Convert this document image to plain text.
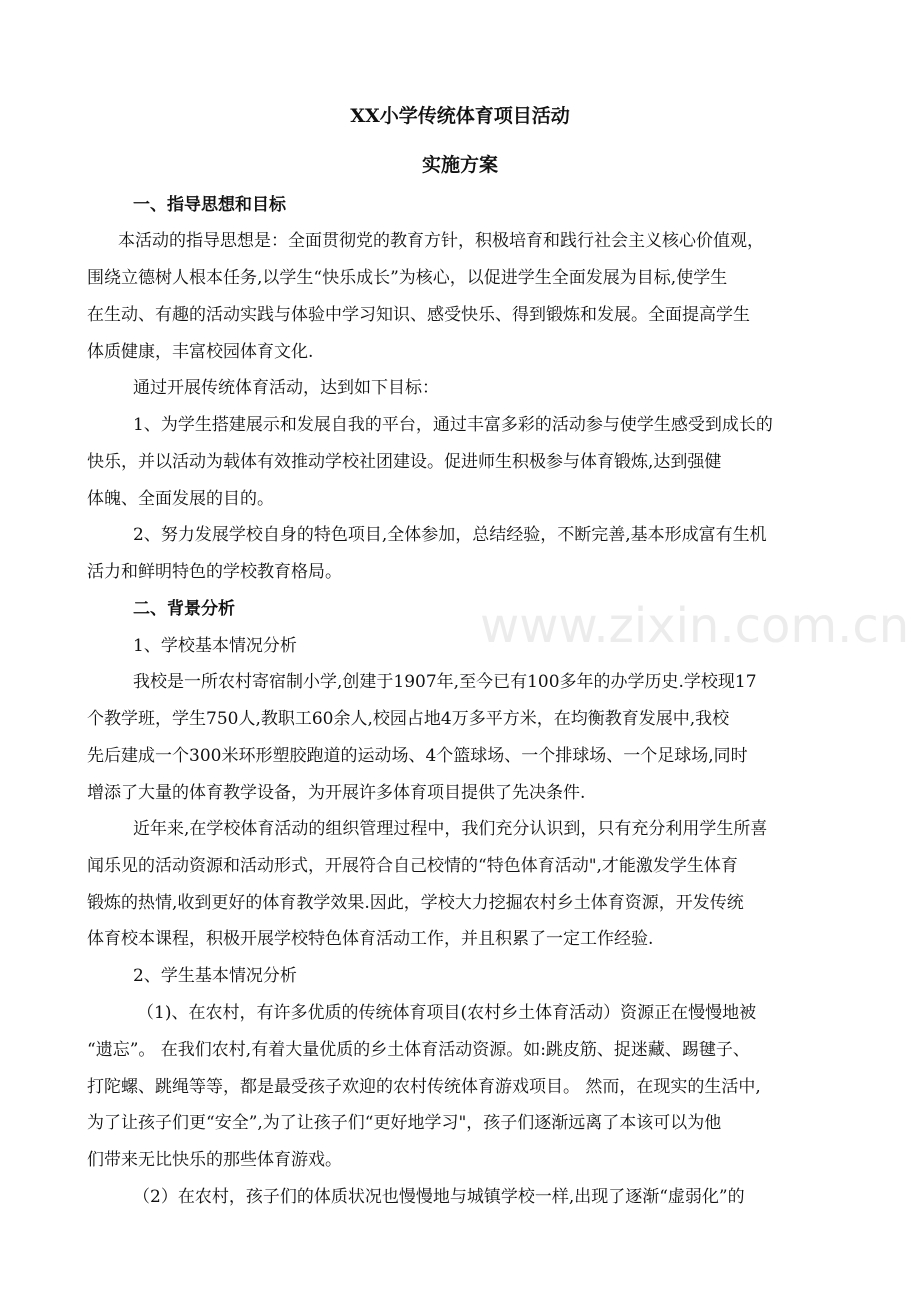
XX小学传统体育项目活动
实施方案
一、指导思想和目标
本活动的指导思想是：全面贯彻党的教育方针，积极培育和践行社会主义核心价值观，
围绕立德树人根本任务,以学生“快乐成长”为核心，以促进学生全面发展为目标,使学生
在生动、有趣的活动实践与体验中学习知识、感受快乐、得到锻炼和发展。全面提高学生
体质健康，丰富校园体育文化.
通过开展传统体育活动，达到如下目标：
1、为学生搭建展示和发展自我的平台，通过丰富多彩的活动参与使学生感受到成长的
快乐，并以活动为载体有效推动学校社团建设。促进师生积极参与体育锻炼,达到强健
体魄、全面发展的目的。
2、努力发展学校自身的特色项目,全体参加，总结经验，不断完善,基本形成富有生机
活力和鲜明特色的学校教育格局。
二、背景分析
1、学校基本情况分析
我校是一所农村寄宿制小学,创建于1907年,至今已有100多年的办学历史.学校现17
个教学班，学生750人,教职工60余人,校园占地4万多平方米，在均衡教育发展中,我校
先后建成一个300米环形塑胶跑道的运动场、4个篮球场、一个排球场、一个足球场,同时
增添了大量的体育教学设备，为开展许多体育项目提供了先决条件.
近年来,在学校体育活动的组织管理过程中，我们充分认识到，只有充分利用学生所喜
闻乐见的活动资源和活动形式，开展符合自己校情的“特色体育活动",才能激发学生体育
锻炼的热情,收到更好的体育教学效果.因此，学校大力挖掘农村乡土体育资源，开发传统
体育校本课程，积极开展学校特色体育活动工作，并且积累了一定工作经验.
2、学生基本情况分析
（1)、在农村，有许多优质的传统体育项目(农村乡土体育活动）资源正在慢慢地被
“遗忘”。 在我们农村,有着大量优质的乡土体育活动资源。如:跳皮筋、捉迷藏、踢毽子、
打陀螺、跳绳等等，都是最受孩子欢迎的农村传统体育游戏项目。 然而，在现实的生活中,
为了让孩子们更“安全”,为了让孩子们“更好地学习"，孩子们逐渐远离了本该可以为他
们带来无比快乐的那些体育游戏。
（2）在农村，孩子们的体质状况也慢慢地与城镇学校一样,出现了逐渐“虚弱化”的
www.zixin.com.cn
